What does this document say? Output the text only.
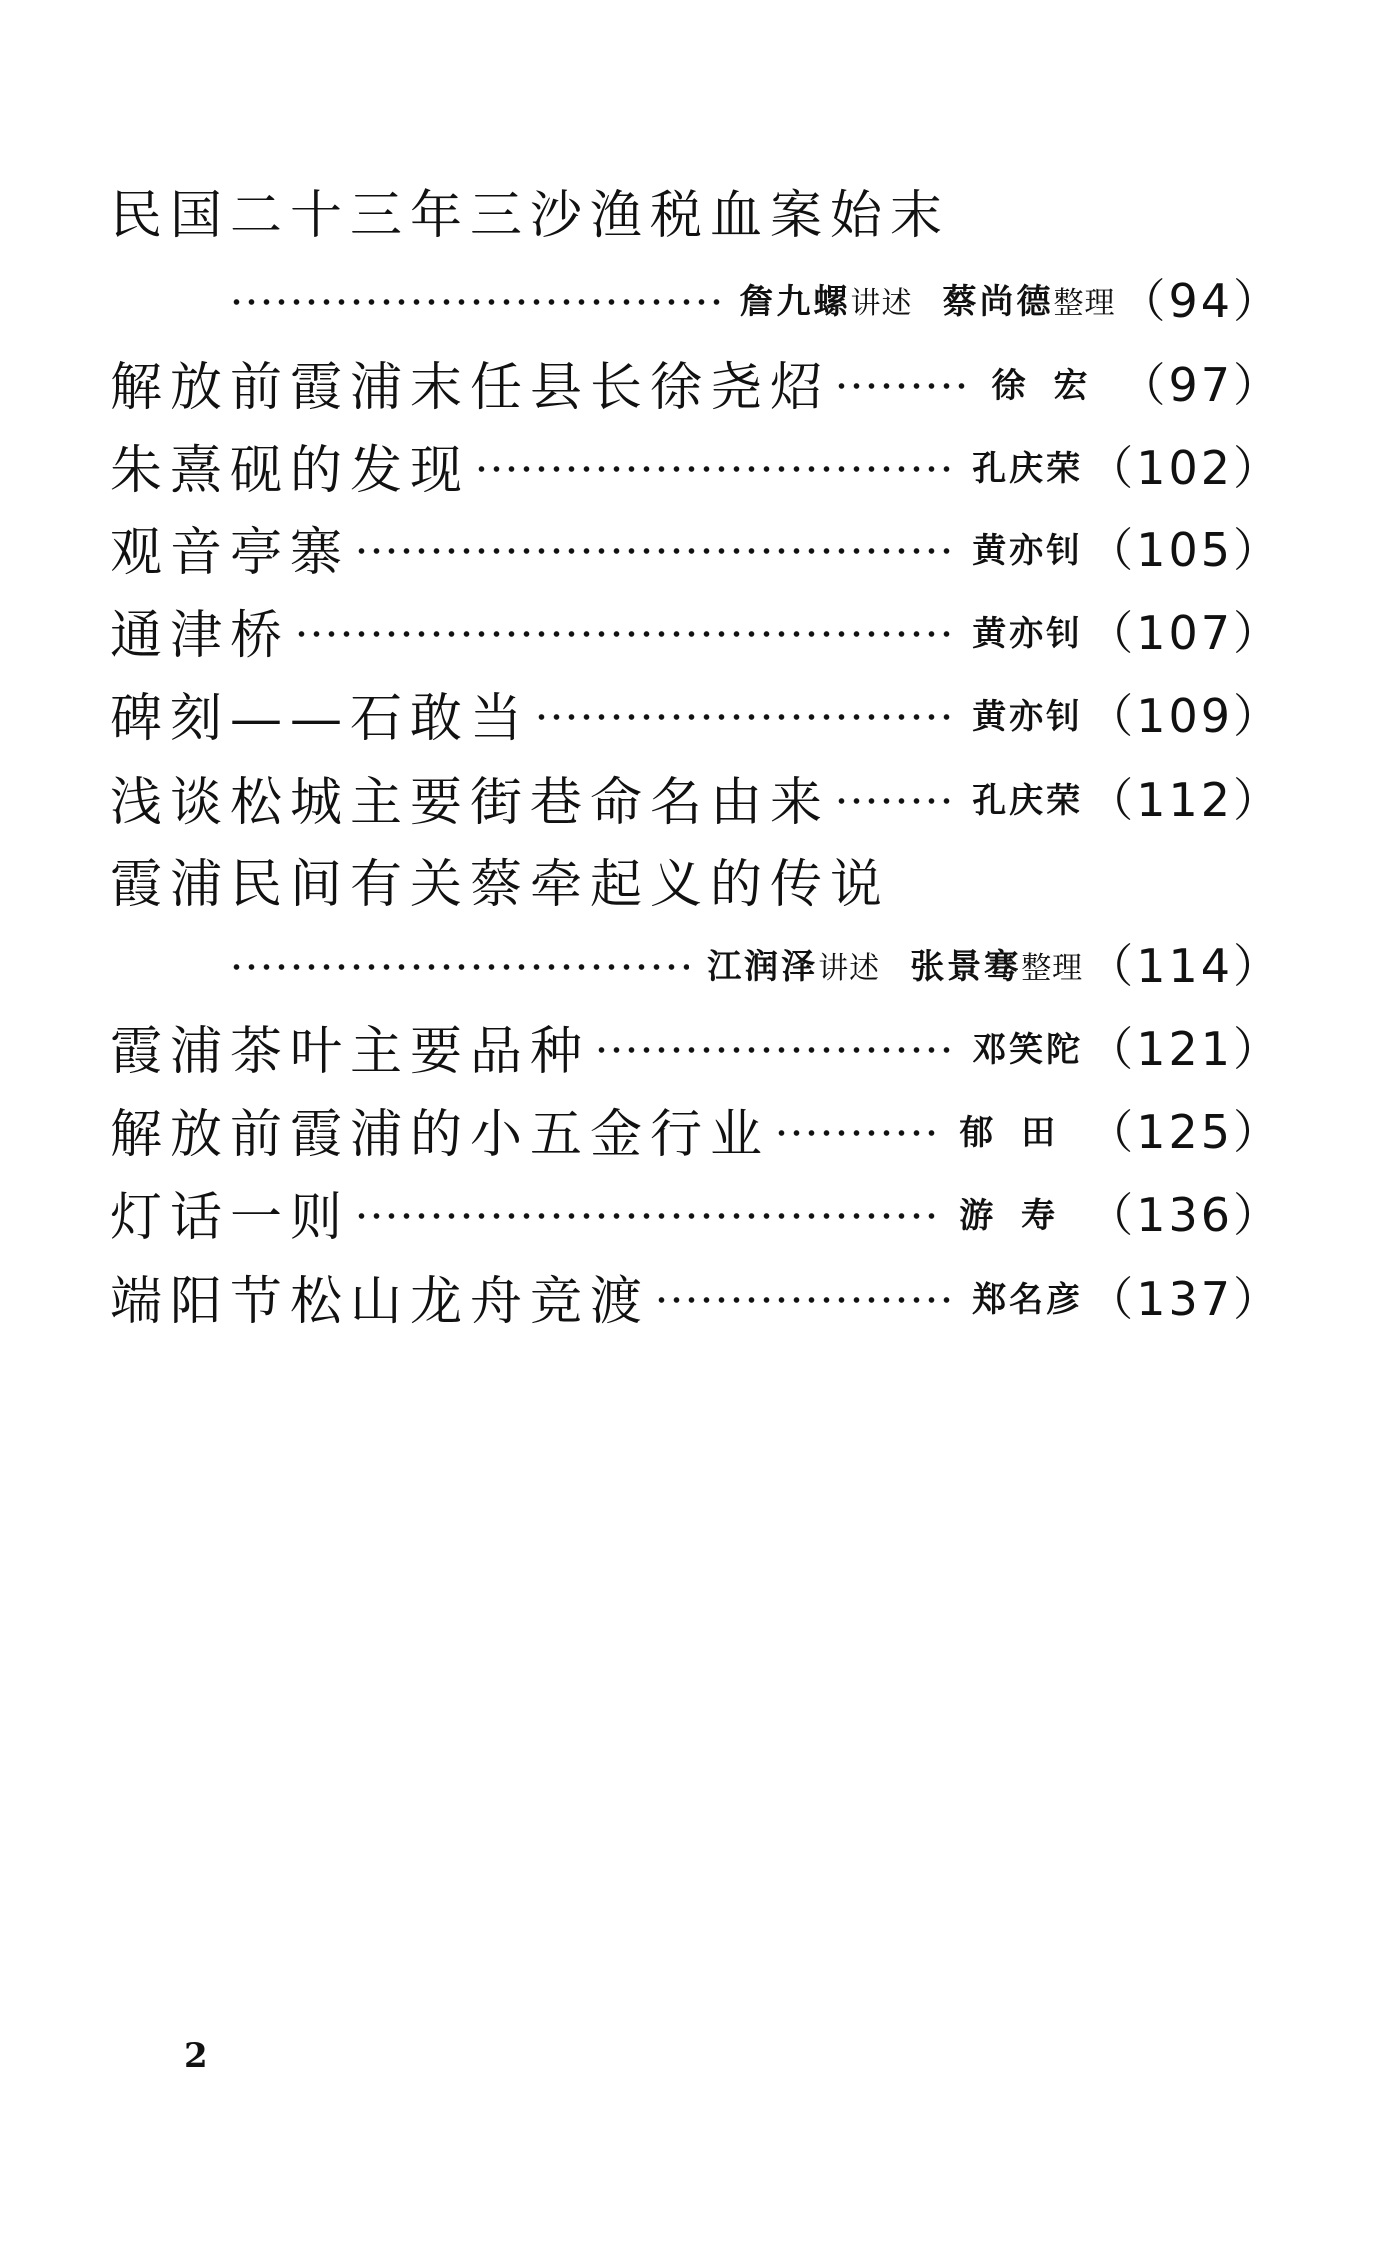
民国二十三年三沙渔税血案始末
詹九螺讲述 蔡尚德整理 （94）
解放前霞浦末任县长徐尧炤	徐宏 （97）
朱熹砚的发现	孔庆荣 （102）
观音亭寨	黄亦钊 （105）
通津桥	黄亦钊 （107）
碑刻——石敢当	黄亦钊 （109）
浅谈松城主要街巷命名由来	孔庆荣 （112）
霞浦民间有关蔡牵起义的传说
江润泽讲述 张景骞整理 （114）
霞浦茶叶主要品种	邓笑陀 （121）
解放前霞浦的小五金行业	郁田 （125）
灯话一则	游寿 （136）
端阳节松山龙舟竞渡	郑名彦 （137）
2
